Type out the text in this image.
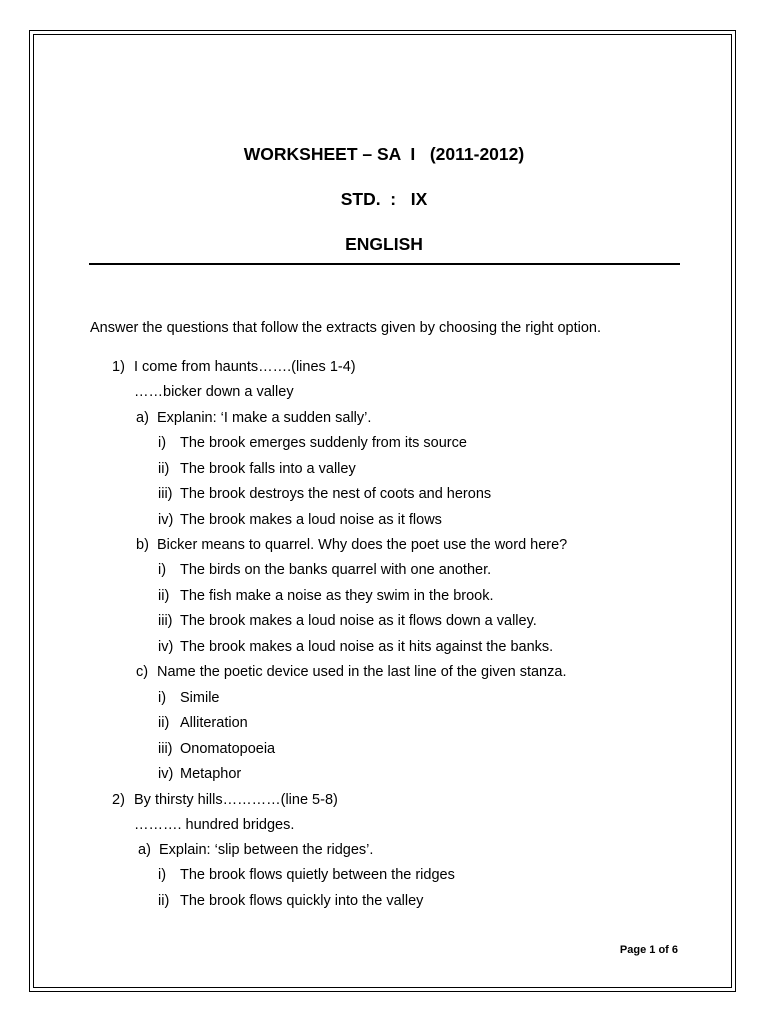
WORKSHEET – SA  I   (2011-2012)
STD.  :   IX
ENGLISH
Answer the questions that follow the extracts given by choosing the right option.
1) I come from haunts…….(lines 1-4)
……bicker down a valley
a) Explanin: ‘I make a sudden sally’.
i) The brook emerges suddenly from its source
ii) The brook falls into a valley
iii) The brook destroys the nest of coots and herons
iv) The brook makes a loud noise as it flows
b) Bicker means to quarrel. Why does the poet use the word here?
i) The birds on the banks quarrel with one another.
ii) The fish make a noise as they swim in the brook.
iii) The brook makes a loud noise as it flows down a valley.
iv) The brook makes a loud noise as it hits against the banks.
c) Name the poetic device used in the last line of the given stanza.
i) Simile
ii) Alliteration
iii) Onomatopoeia
iv) Metaphor
2) By thirsty hills…………(line 5-8)
………. hundred bridges.
a) Explain: ‘slip between the ridges’.
i) The brook flows quietly between the ridges
ii) The brook flows quickly into the valley
Page 1 of 6
